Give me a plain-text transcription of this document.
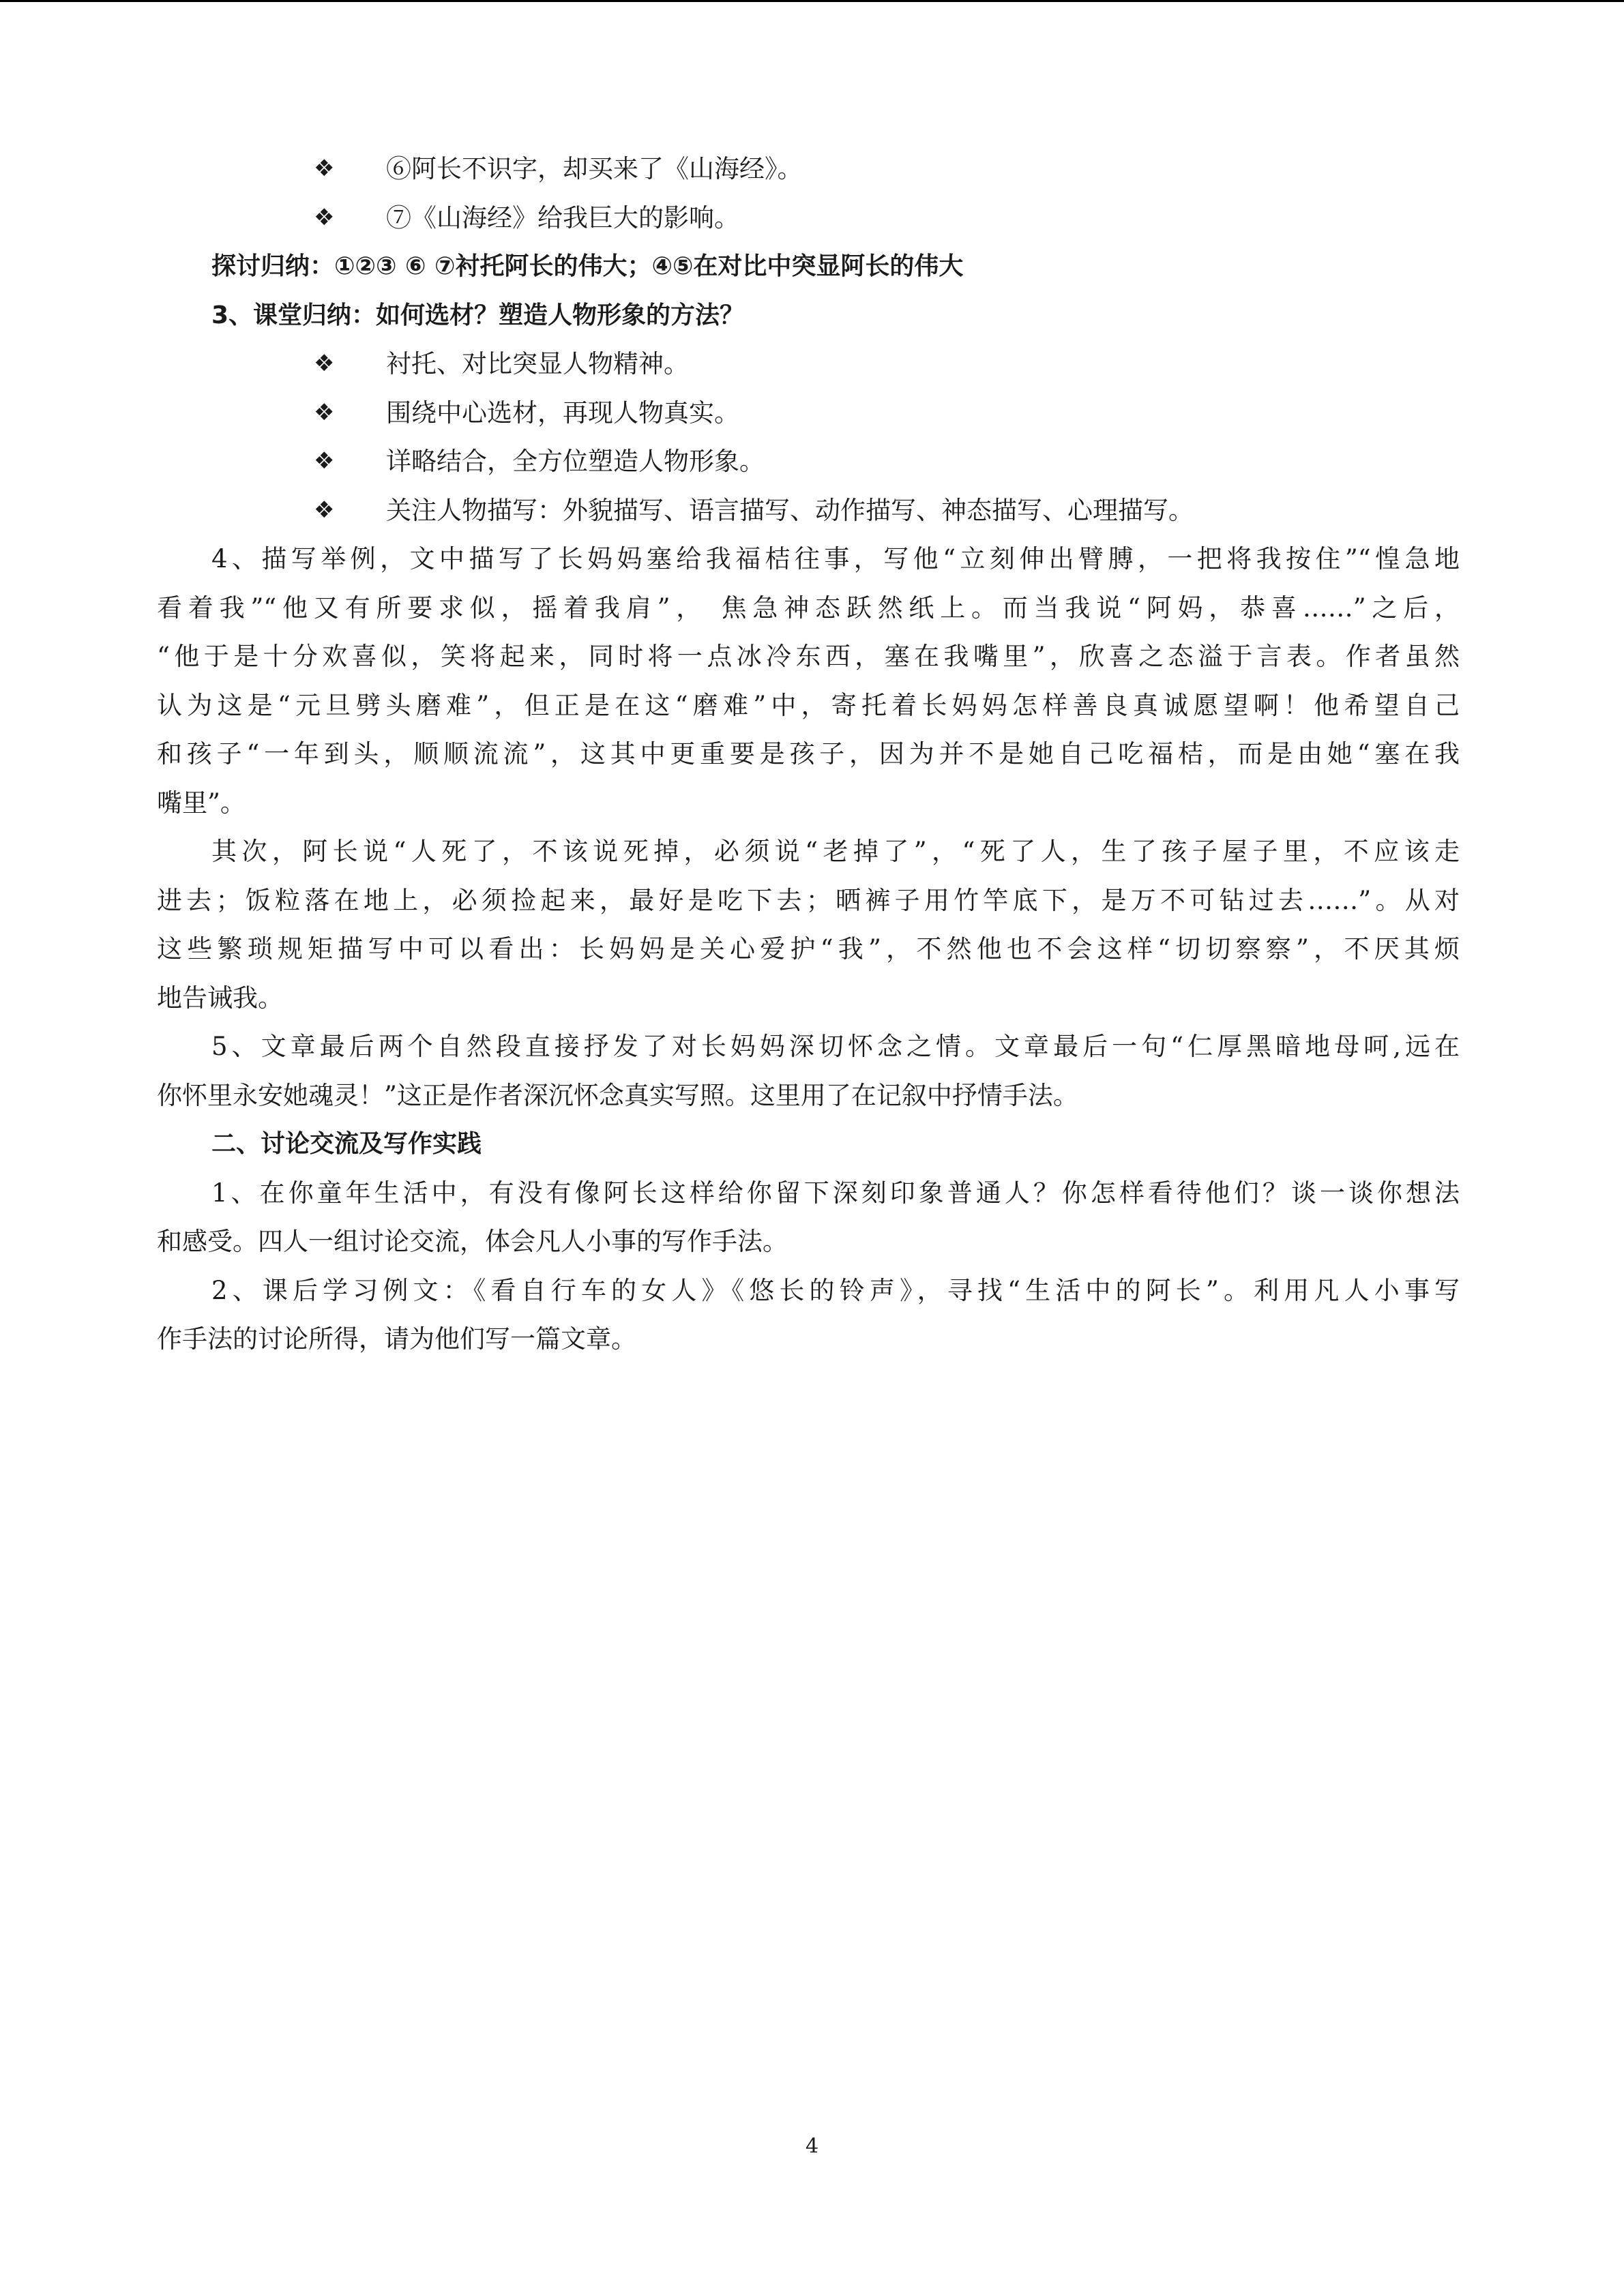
❖	⑥阿长不识字，却买来了《山海经》。
❖	⑦《山海经》给我巨大的影响。
探讨归纳：①②③ ⑥ ⑦衬托阿长的伟大；④⑤在对比中突显阿长的伟大
3、课堂归纳：如何选材？塑造人物形象的方法？
❖	衬托、对比突显人物精神。
❖	围绕中心选材，再现人物真实。
❖	详略结合，全方位塑造人物形象。
❖	关注人物描写：外貌描写、语言描写、动作描写、神态描写、心理描写。
4、描写举例，文中描写了长妈妈塞给我福桔往事，写他“立刻伸出臂膊，一把将我按住”“惶急地
看着我”“他又有所要求似，摇着我肩”， 焦急神态跃然纸上。而当我说“阿妈，恭喜……”之后，
“他于是十分欢喜似，笑将起来，同时将一点冰冷东西，塞在我嘴里”，欣喜之态溢于言表。作者虽然
认为这是“元旦劈头磨难”，但正是在这“磨难”中，寄托着长妈妈怎样善良真诚愿望啊！他希望自己
和孩子“一年到头，顺顺流流”，这其中更重要是孩子，因为并不是她自己吃福桔，而是由她“塞在我
嘴里”。
其次，阿长说“人死了，不该说死掉，必须说“老掉了”，“死了人，生了孩子屋子里，不应该走
进去；饭粒落在地上，必须捡起来，最好是吃下去；晒裤子用竹竿底下，是万不可钻过去……”。从对
这些繁琐规矩描写中可以看出：长妈妈是关心爱护“我”，不然他也不会这样“切切察察”，不厌其烦
地告诫我。
5、文章最后两个自然段直接抒发了对长妈妈深切怀念之情。文章最后一句“仁厚黑暗地母呵,远在
你怀里永安她魂灵！”这正是作者深沉怀念真实写照。这里用了在记叙中抒情手法。
二、讨论交流及写作实践
1、在你童年生活中，有没有像阿长这样给你留下深刻印象普通人？你怎样看待他们？谈一谈你想法
和感受。四人一组讨论交流，体会凡人小事的写作手法。
2、课后学习例文：《看自行车的女人》《悠长的铃声》，寻找“生活中的阿长”。利用凡人小事写
作手法的讨论所得，请为他们写一篇文章。
4
